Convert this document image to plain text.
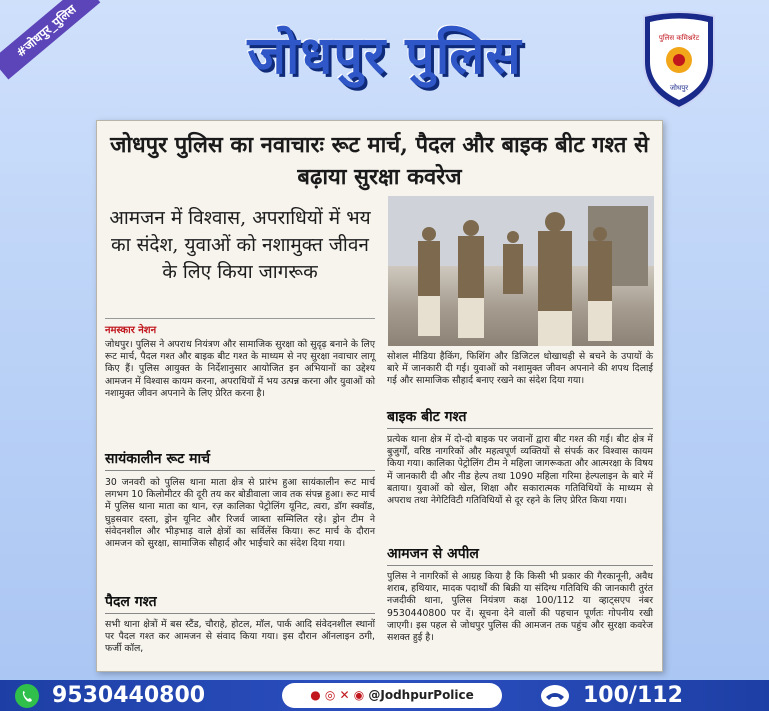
#जोधपुर_पुलिस	जोधपुर पुलिस	पुलिस कमिश्नरेट
जोधपुर
जोधपुर पुलिस का नवाचारः रूट मार्च, पैदल और बाइक बीट गश्त से बढ़ाया सुरक्षा कवरेज
आमजन में विश्वास, अपराधियों में भय का संदेश, युवाओं को नशामुक्त जीवन के लिए किया जागरूक
नमस्कार नेशन

जोधपुर। पुलिस ने अपराध नियंत्रण और सामाजिक सुरक्षा को सुदृढ़ बनाने के लिए रूट मार्च, पैदल गश्त और बाइक बीट गश्त के माध्यम से नए सुरक्षा नवाचार लागू किए हैं। पुलिस आयुक्त के निर्देशानुसार आयोजित इन अभियानों का उद्देश्य आमजन में विश्वास कायम करना, अपराधियों में भय उत्पन्न करना और युवाओं को नशामुक्त जीवन अपनाने के लिए प्रेरित करना है।

सायंकालीन रूट मार्च

30 जनवरी को पुलिस थाना माता क्षेत्र से प्रारंभ हुआ सायंकालीन रूट मार्च लगभग 10 किलोमीटर की दूरी तय कर बोडीवाला जाव तक संपन्न हुआ। रूट मार्च में पुलिस थाना माता का थान, रज़ कालिका पेट्रोलिंग यूनिट, त्वरा, डॉग स्क्वॉड, घुड़सवार दस्ता, ड्रोन यूनिट और रिजर्व जाब्ता सम्मिलित रहे। ड्रोन टीम ने संवेदनशील और भीड़भाड़ वाले क्षेत्रों का सर्विलेंस किया। रूट मार्च के दौरान आमजन को सुरक्षा, सामाजिक सौहार्द और भाईचारे का संदेश दिया गया।

पैदल गश्त

सभी थाना क्षेत्रों में बस स्टैंड, चौराहे, होटल, मॉल, पार्क आदि संवेदनशील स्थानों पर पैदल गश्त कर आमजन से संवाद किया गया। इस दौरान ऑनलाइन ठगी, फर्जी कॉल,

सोशल मीडिया हैकिंग, फिशिंग और डिजिटल धोखाधड़ी से बचने के उपायों के बारे में जानकारी दी गई। युवाओं को नशामुक्त जीवन अपनाने की शपथ दिलाई गई और सामाजिक सौहार्द बनाए रखने का संदेश दिया गया।

बाइक बीट गश्त

प्रत्येक थाना क्षेत्र में दो-दो बाइक पर जवानों द्वारा बीट गश्त की गई। बीट क्षेत्र में बुजुर्गों, वरिष्ठ नागरिकों और महत्वपूर्ण व्यक्तियों से संपर्क कर विश्वास कायम किया गया। कालिका पेट्रोलिंग टीम ने महिला जागरूकता और आत्मरक्षा के विषय में जानकारी दी और नीड हेल्प तथा 1090 महिला गरिमा हेल्पलाइन के बारे में बताया। युवाओं को खेल, शिक्षा और सकारात्मक गतिविधियों के माध्यम से अपराध तथा नेगेटिविटी गतिविधियों से दूर रहने के लिए प्रेरित किया गया।

आमजन से अपील

पुलिस ने नागरिकों से आग्रह किया है कि किसी भी प्रकार की गैरकानूनी, अवैध शराब, हथियार, मादक पदार्थों की बिक्री या संदिग्ध गतिविधि की जानकारी तुरंत नजदीकी थाना, पुलिस नियंत्रण कक्ष 100/112 या व्हाट्सएप नंबर 9530440800 पर दें। सूचना देने वालों की पहचान पूर्णतः गोपनीय रखी जाएगी। इस पहल से जोधपुर पुलिस की आमजन तक पहुंच और सुरक्षा कवरेज सशक्त हुई है।

9530440800	● ◎ ✕ ◉ @JodhpurPolice	100/112
